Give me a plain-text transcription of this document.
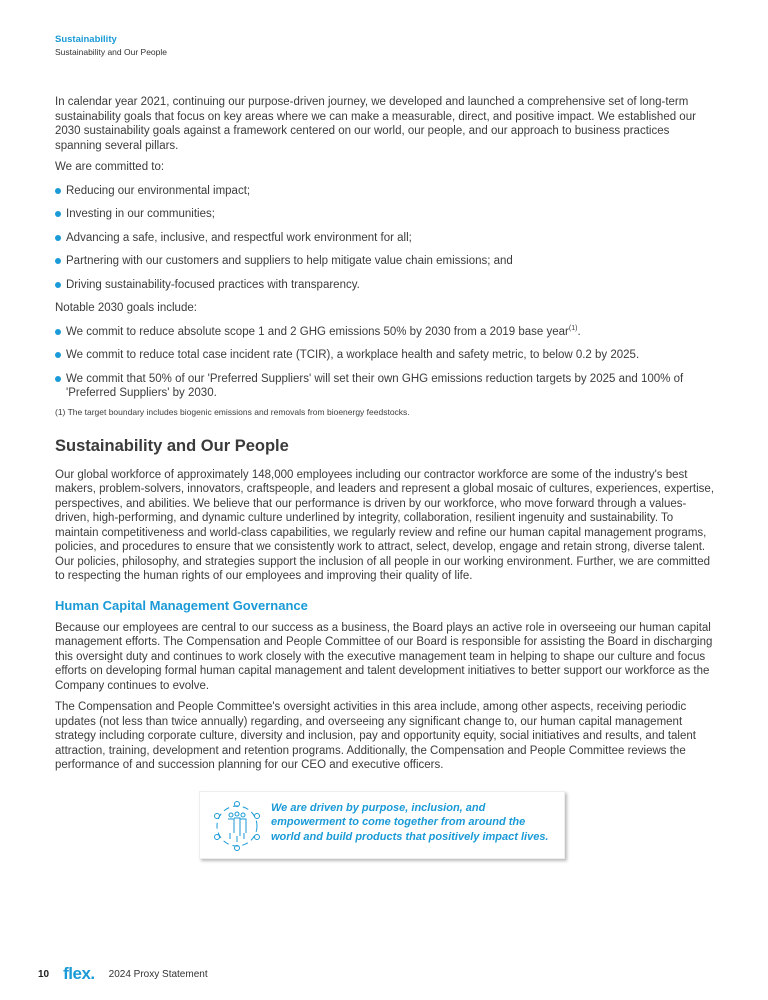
Sustainability
Sustainability and Our People

In calendar year 2021, continuing our purpose-driven journey, we developed and launched a comprehensive set of long-term sustainability goals that focus on key areas where we can make a measurable, direct, and positive impact. We established our 2030 sustainability goals against a framework centered on our world, our people, and our approach to business practices spanning several pillars.

We are committed to:

Reducing our environmental impact;
Investing in our communities;
Advancing a safe, inclusive, and respectful work environment for all;
Partnering with our customers and suppliers to help mitigate value chain emissions; and
Driving sustainability-focused practices with transparency.

Notable 2030 goals include:

We commit to reduce absolute scope 1 and 2 GHG emissions 50% by 2030 from a 2019 base year$^{(1)}$.
We commit to reduce total case incident rate (TCIR), a workplace health and safety metric, to below 0.2 by 2025.
We commit that 50% of our 'Preferred Suppliers' will set their own GHG emissions reduction targets by 2025 and 100% of 'Preferred Suppliers' by 2030.

(1) The target boundary includes biogenic emissions and removals from bioenergy feedstocks.

Sustainability and Our People

Our global workforce of approximately 148,000 employees including our contractor workforce are some of the industry's best makers, problem-solvers, innovators, craftspeople, and leaders and represent a global mosaic of cultures, experiences, expertise, perspectives, and abilities. We believe that our performance is driven by our workforce, who move forward through a values-driven, high-performing, and dynamic culture underlined by integrity, collaboration, resilient ingenuity and sustainability. To maintain competitiveness and world-class capabilities, we regularly review and refine our human capital management programs, policies, and procedures to ensure that we consistently work to attract, select, develop, engage and retain strong, diverse talent. Our policies, philosophy, and strategies support the inclusion of all people in our working environment. Further, we are committed to respecting the human rights of our employees and improving their quality of life.

Human Capital Management Governance

Because our employees are central to our success as a business, the Board plays an active role in overseeing our human capital management efforts. The Compensation and People Committee of our Board is responsible for assisting the Board in discharging this oversight duty and continues to work closely with the executive management team in helping to shape our culture and focus efforts on developing formal human capital management and talent development initiatives to better support our workforce as the Company continues to evolve.

The Compensation and People Committee's oversight activities in this area include, among other aspects, receiving periodic updates (not less than twice annually) regarding, and overseeing any significant change to, our human capital management strategy including corporate culture, diversity and inclusion, pay and opportunity equity, social initiatives and results, and talent attraction, training, development and retention programs. Additionally, the Compensation and People Committee reviews the performance of and succession planning for our CEO and executive officers.

We are driven by purpose, inclusion, and empowerment to come together from around the world and build products that positively impact lives.
10 flex. 2024 Proxy Statement
